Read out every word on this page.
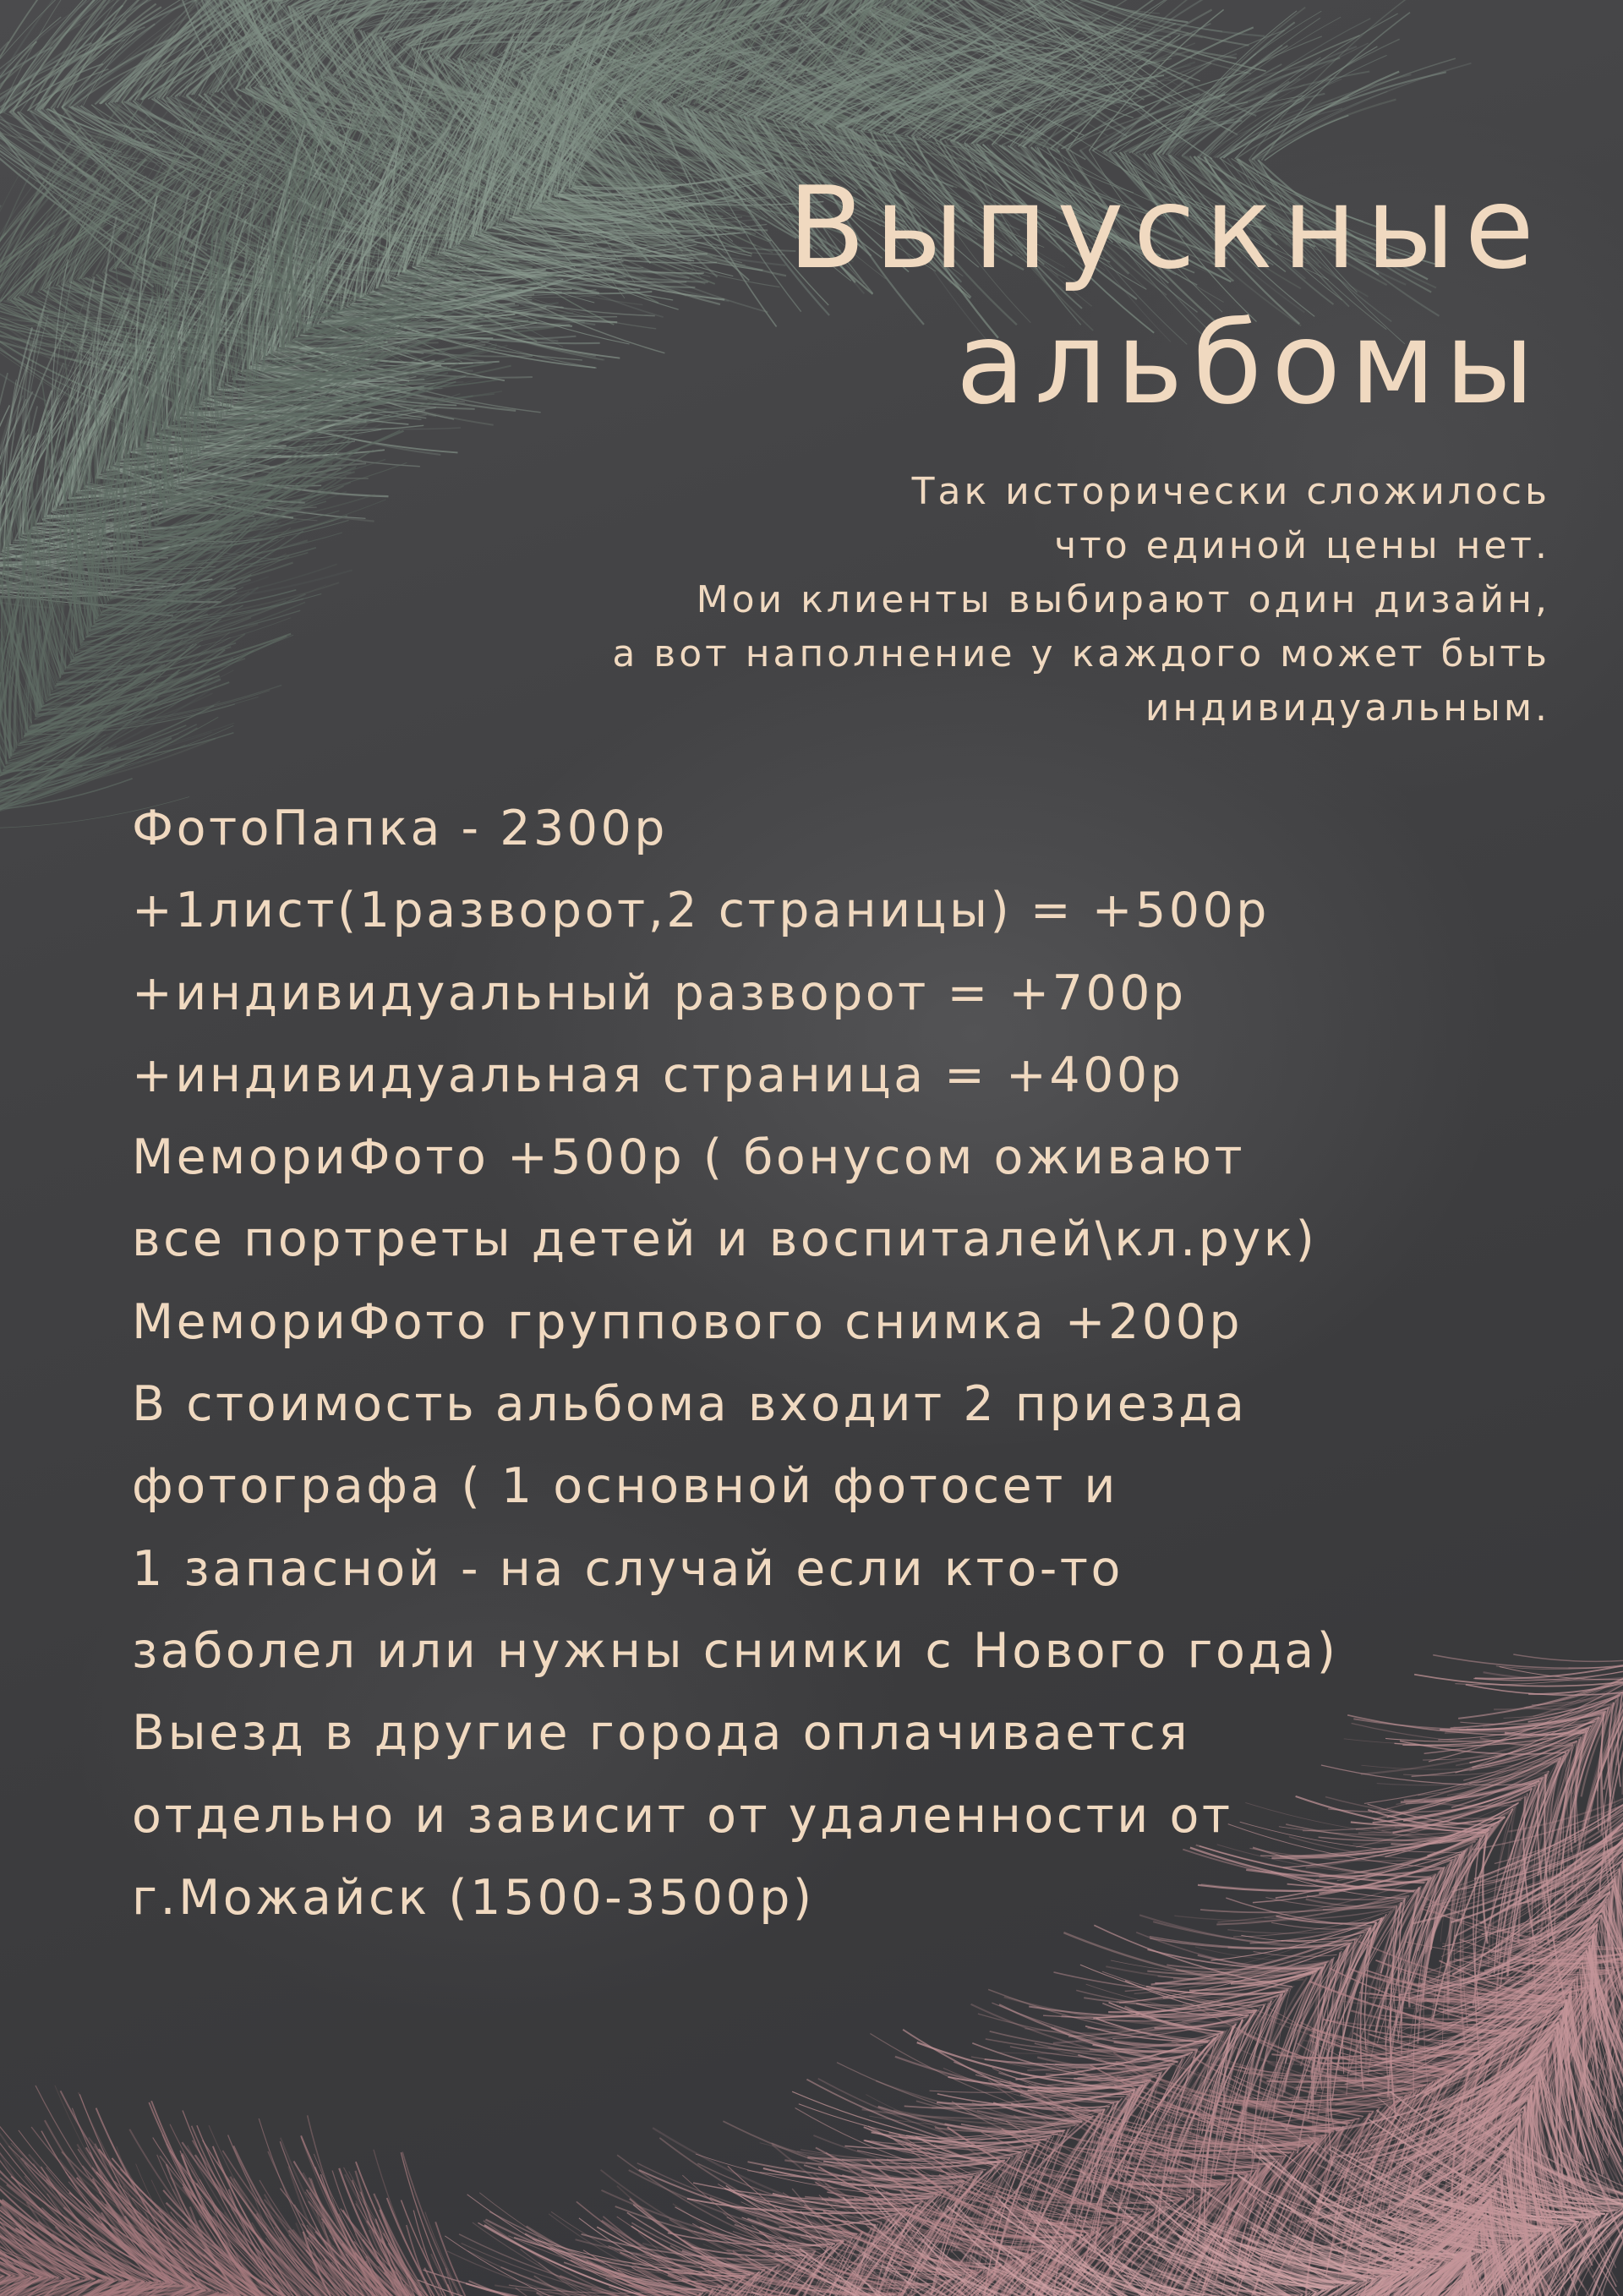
Выпускные
альбомы
Так исторически сложилось
что единой цены нет.
Мои клиенты выбирают один дизайн,
а вот наполнение у каждого может быть
индивидуальным.
ФотоПапка - 2300р
+1лист(1разворот,2 страницы) = +500р
+индивидуальный разворот = +700р
+индивидуальная страница = +400р
МемориФото +500р ( бонусом оживают
все портреты детей и воспиталей\кл.рук)
МемориФото группового снимка +200р
В стоимость альбома входит 2 приезда
фотографа ( 1 основной фотосет и
1 запасной - на случай если кто-то
заболел или нужны снимки с Нового года)
Выезд в другие города оплачивается
отдельно и зависит от удаленности от
г.Можайск (1500-3500р)
